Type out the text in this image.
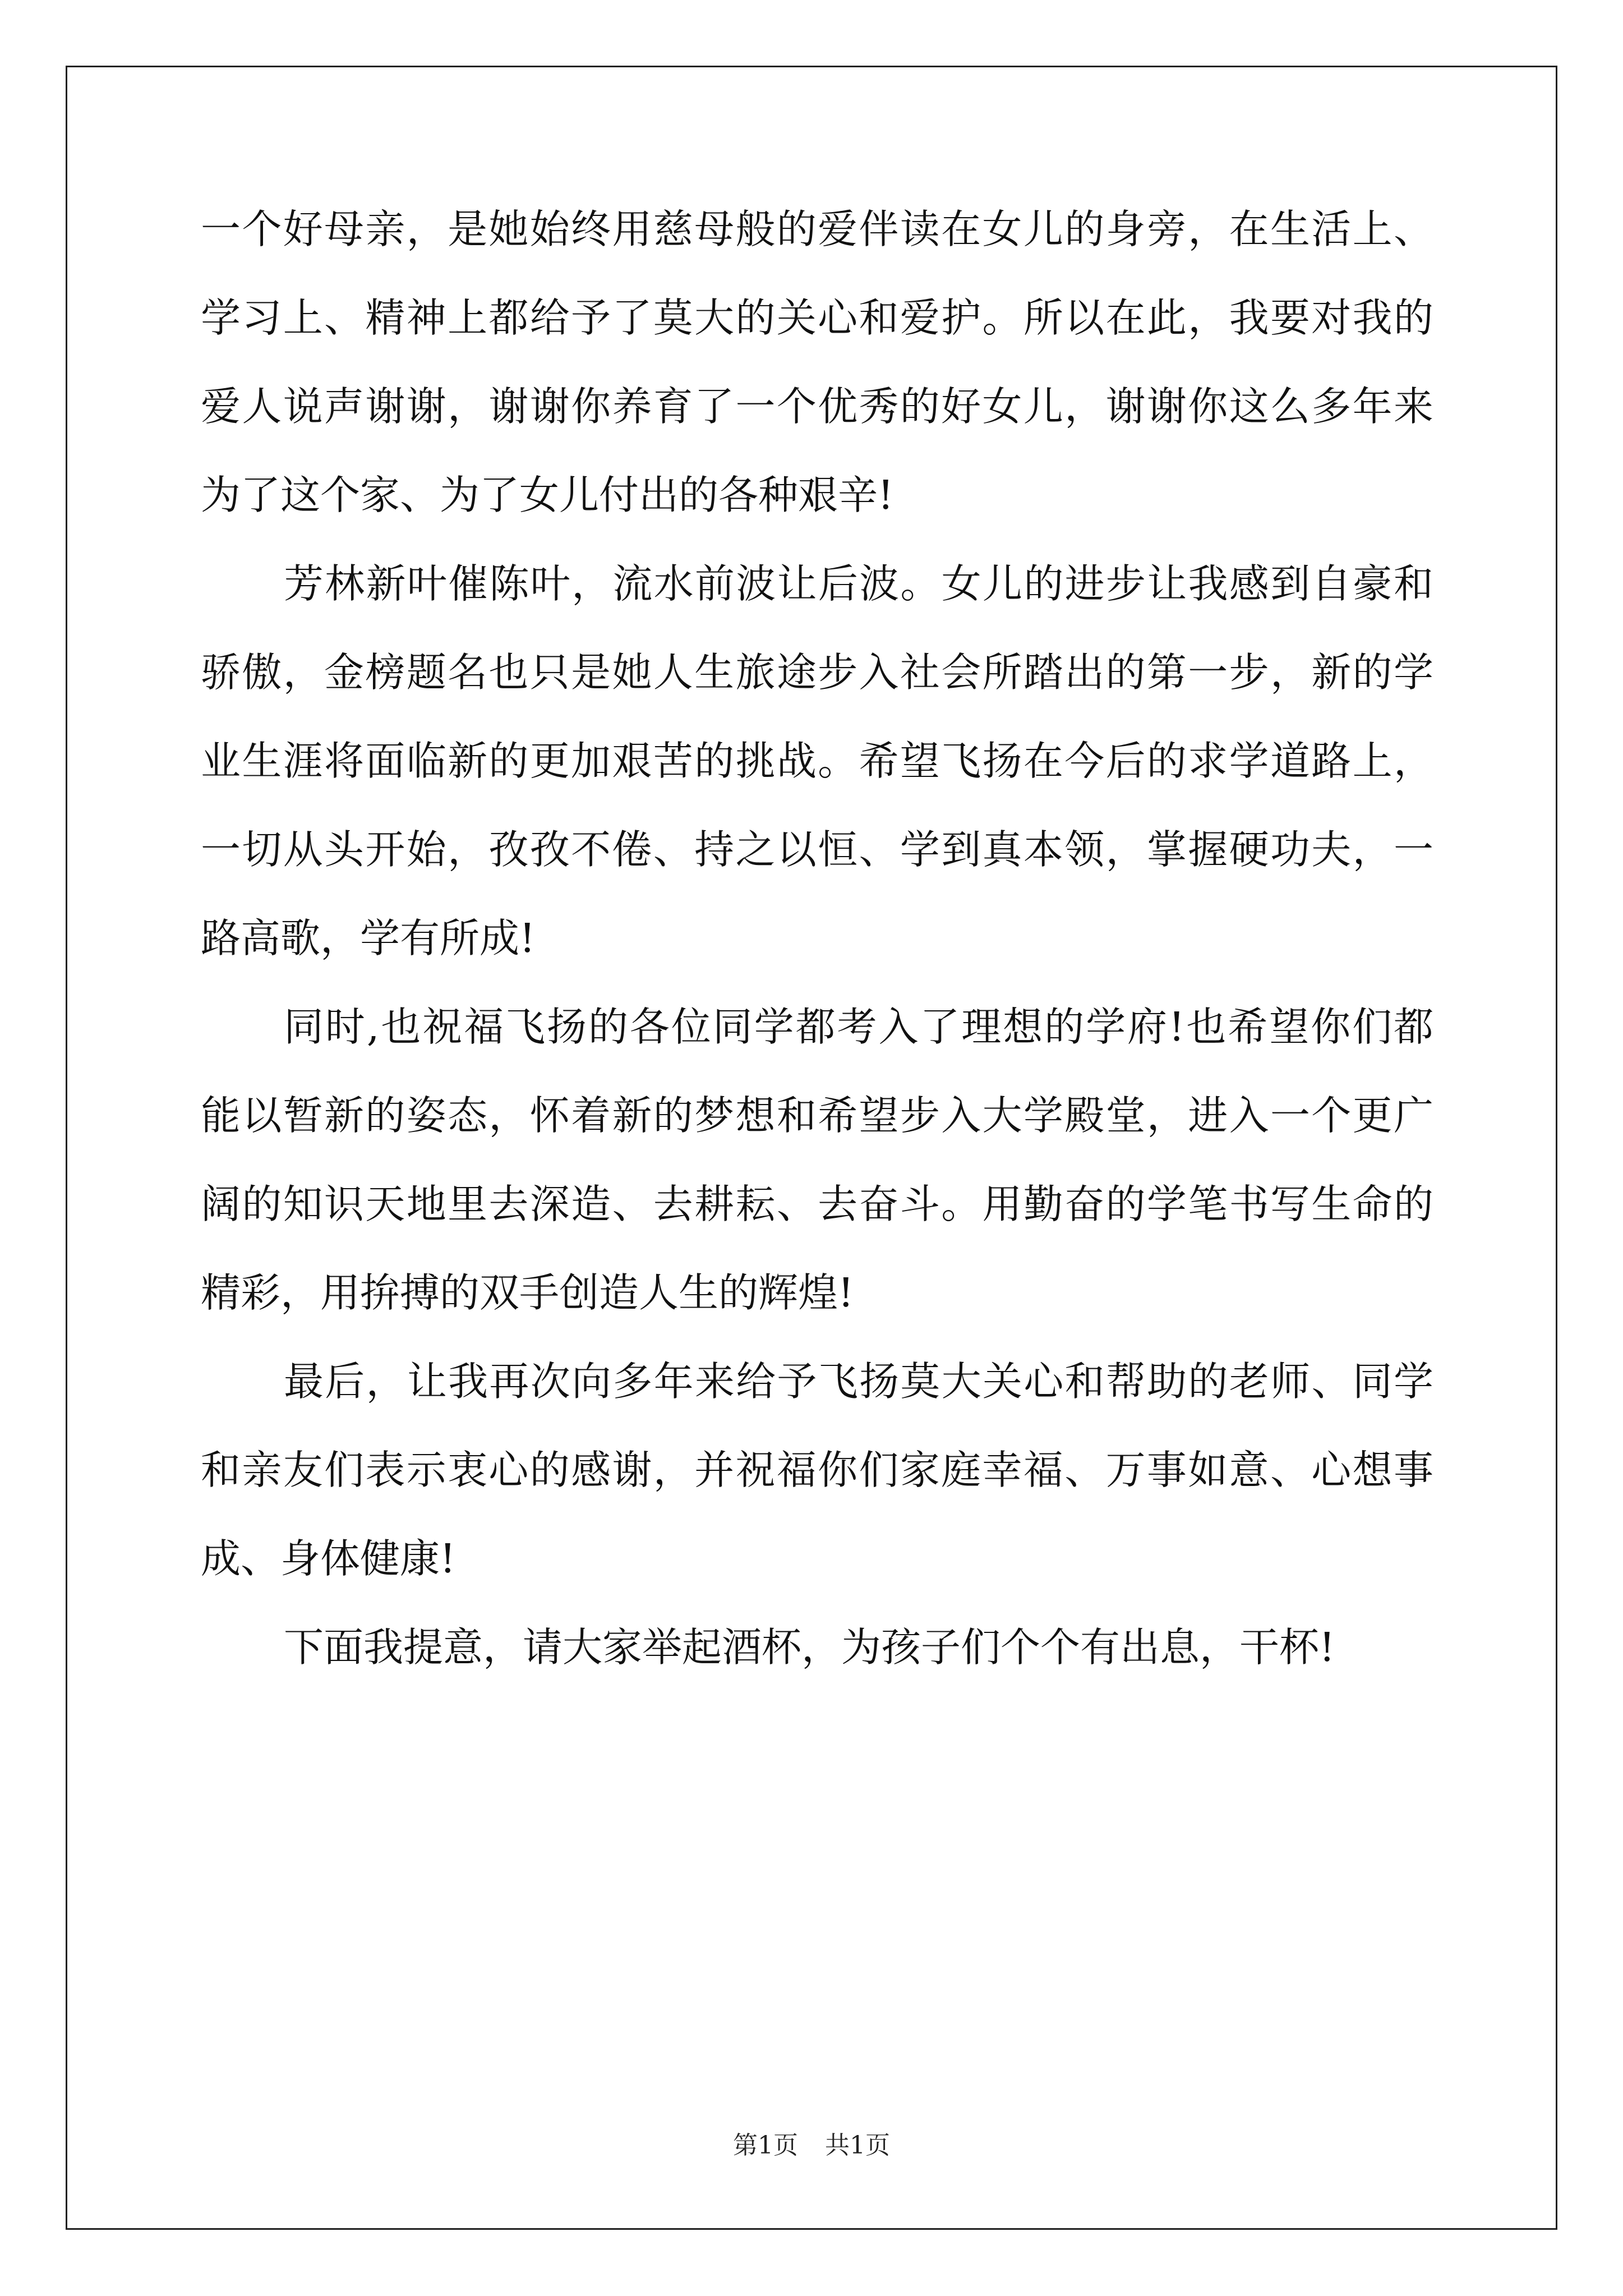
一个好母亲，是她始终用慈母般的爱伴读在女儿的身旁，在生活上、
学习上、精神上都给予了莫大的关心和爱护。所以在此，我要对我的
爱人说声谢谢，谢谢你养育了一个优秀的好女儿，谢谢你这么多年来
为了这个家、为了女儿付出的各种艰辛!
芳林新叶催陈叶，流水前波让后波。女儿的进步让我感到自豪和
骄傲，金榜题名也只是她人生旅途步入社会所踏出的第一步，新的学
业生涯将面临新的更加艰苦的挑战。希望飞扬在今后的求学道路上，
一切从头开始，孜孜不倦、持之以恒、学到真本领，掌握硬功夫，一
路高歌，学有所成!
同时,也祝福飞扬的各位同学都考入了理想的学府!也希望你们都
能以暂新的姿态，怀着新的梦想和希望步入大学殿堂，进入一个更广
阔的知识天地里去深造、去耕耘、去奋斗。用勤奋的学笔书写生命的
精彩，用拚搏的双手创造人生的辉煌!
最后，让我再次向多年来给予飞扬莫大关心和帮助的老师、同学
和亲友们表示衷心的感谢，并祝福你们家庭幸福、万事如意、心想事
成、身体健康!
下面我提意，请大家举起酒杯，为孩子们个个有出息，干杯!
第1页 共1页
